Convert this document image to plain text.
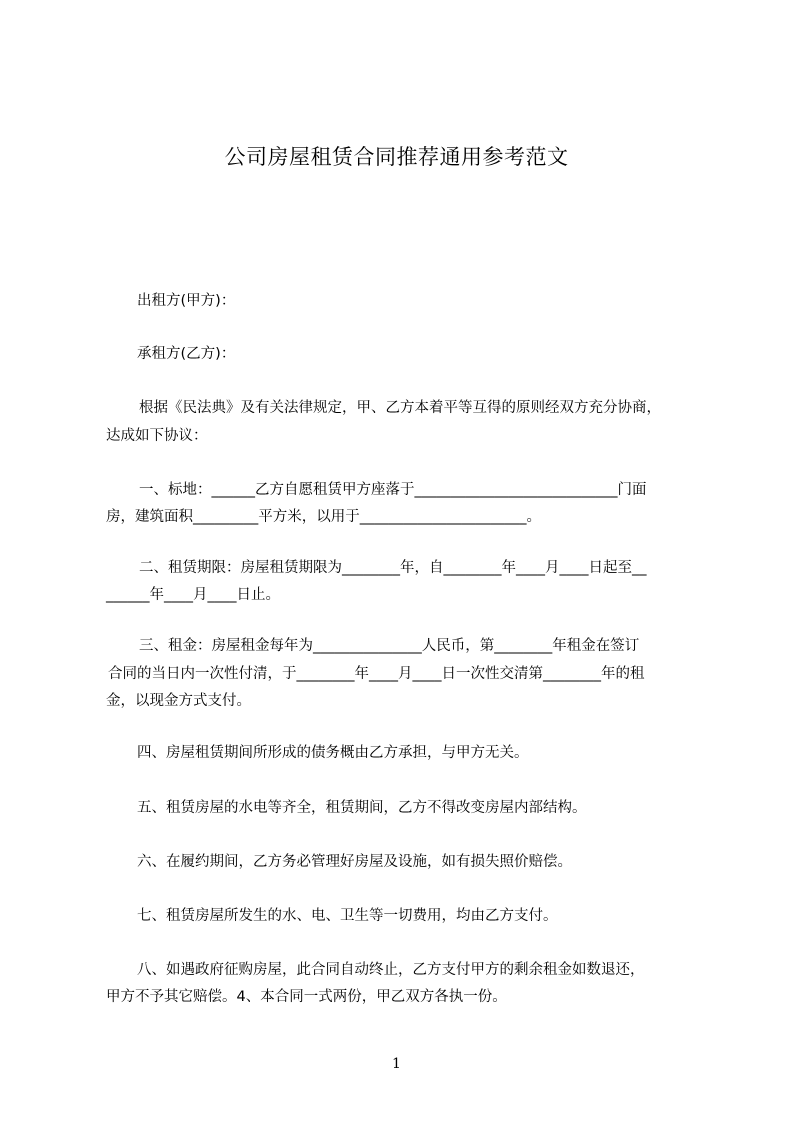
公司房屋租赁合同推荐通用参考范文
出租方(甲方)：
承租方(乙方)：
根据《民法典》及有关法律规定，甲、乙方本着平等互得的原则经双方充分协商，
达成如下协议：
一、标地：______乙方自愿租赁甲方座落于____________________________门面
房，建筑面积_________平方米，以用于_______________________。
二、租赁期限：房屋租赁期限为________年，自________年____月____日起至__
______年____月____日止。
三、租金：房屋租金每年为_______________人民币，第________年租金在签订
合同的当日内一次性付清，于________年____月____日一次性交清第________年的租
金，以现金方式支付。
四、房屋租赁期间所形成的债务概由乙方承担，与甲方无关。
五、租赁房屋的水电等齐全，租赁期间，乙方不得改变房屋内部结构。
六、在履约期间，乙方务必管理好房屋及设施，如有损失照价赔偿。
七、租赁房屋所发生的水、电、卫生等一切费用，均由乙方支付。
八、如遇政府征购房屋，此合同自动终止，乙方支付甲方的剩余租金如数退还，
甲方不予其它赔偿。4、本合同一式两份，甲乙双方各执一份。
1
